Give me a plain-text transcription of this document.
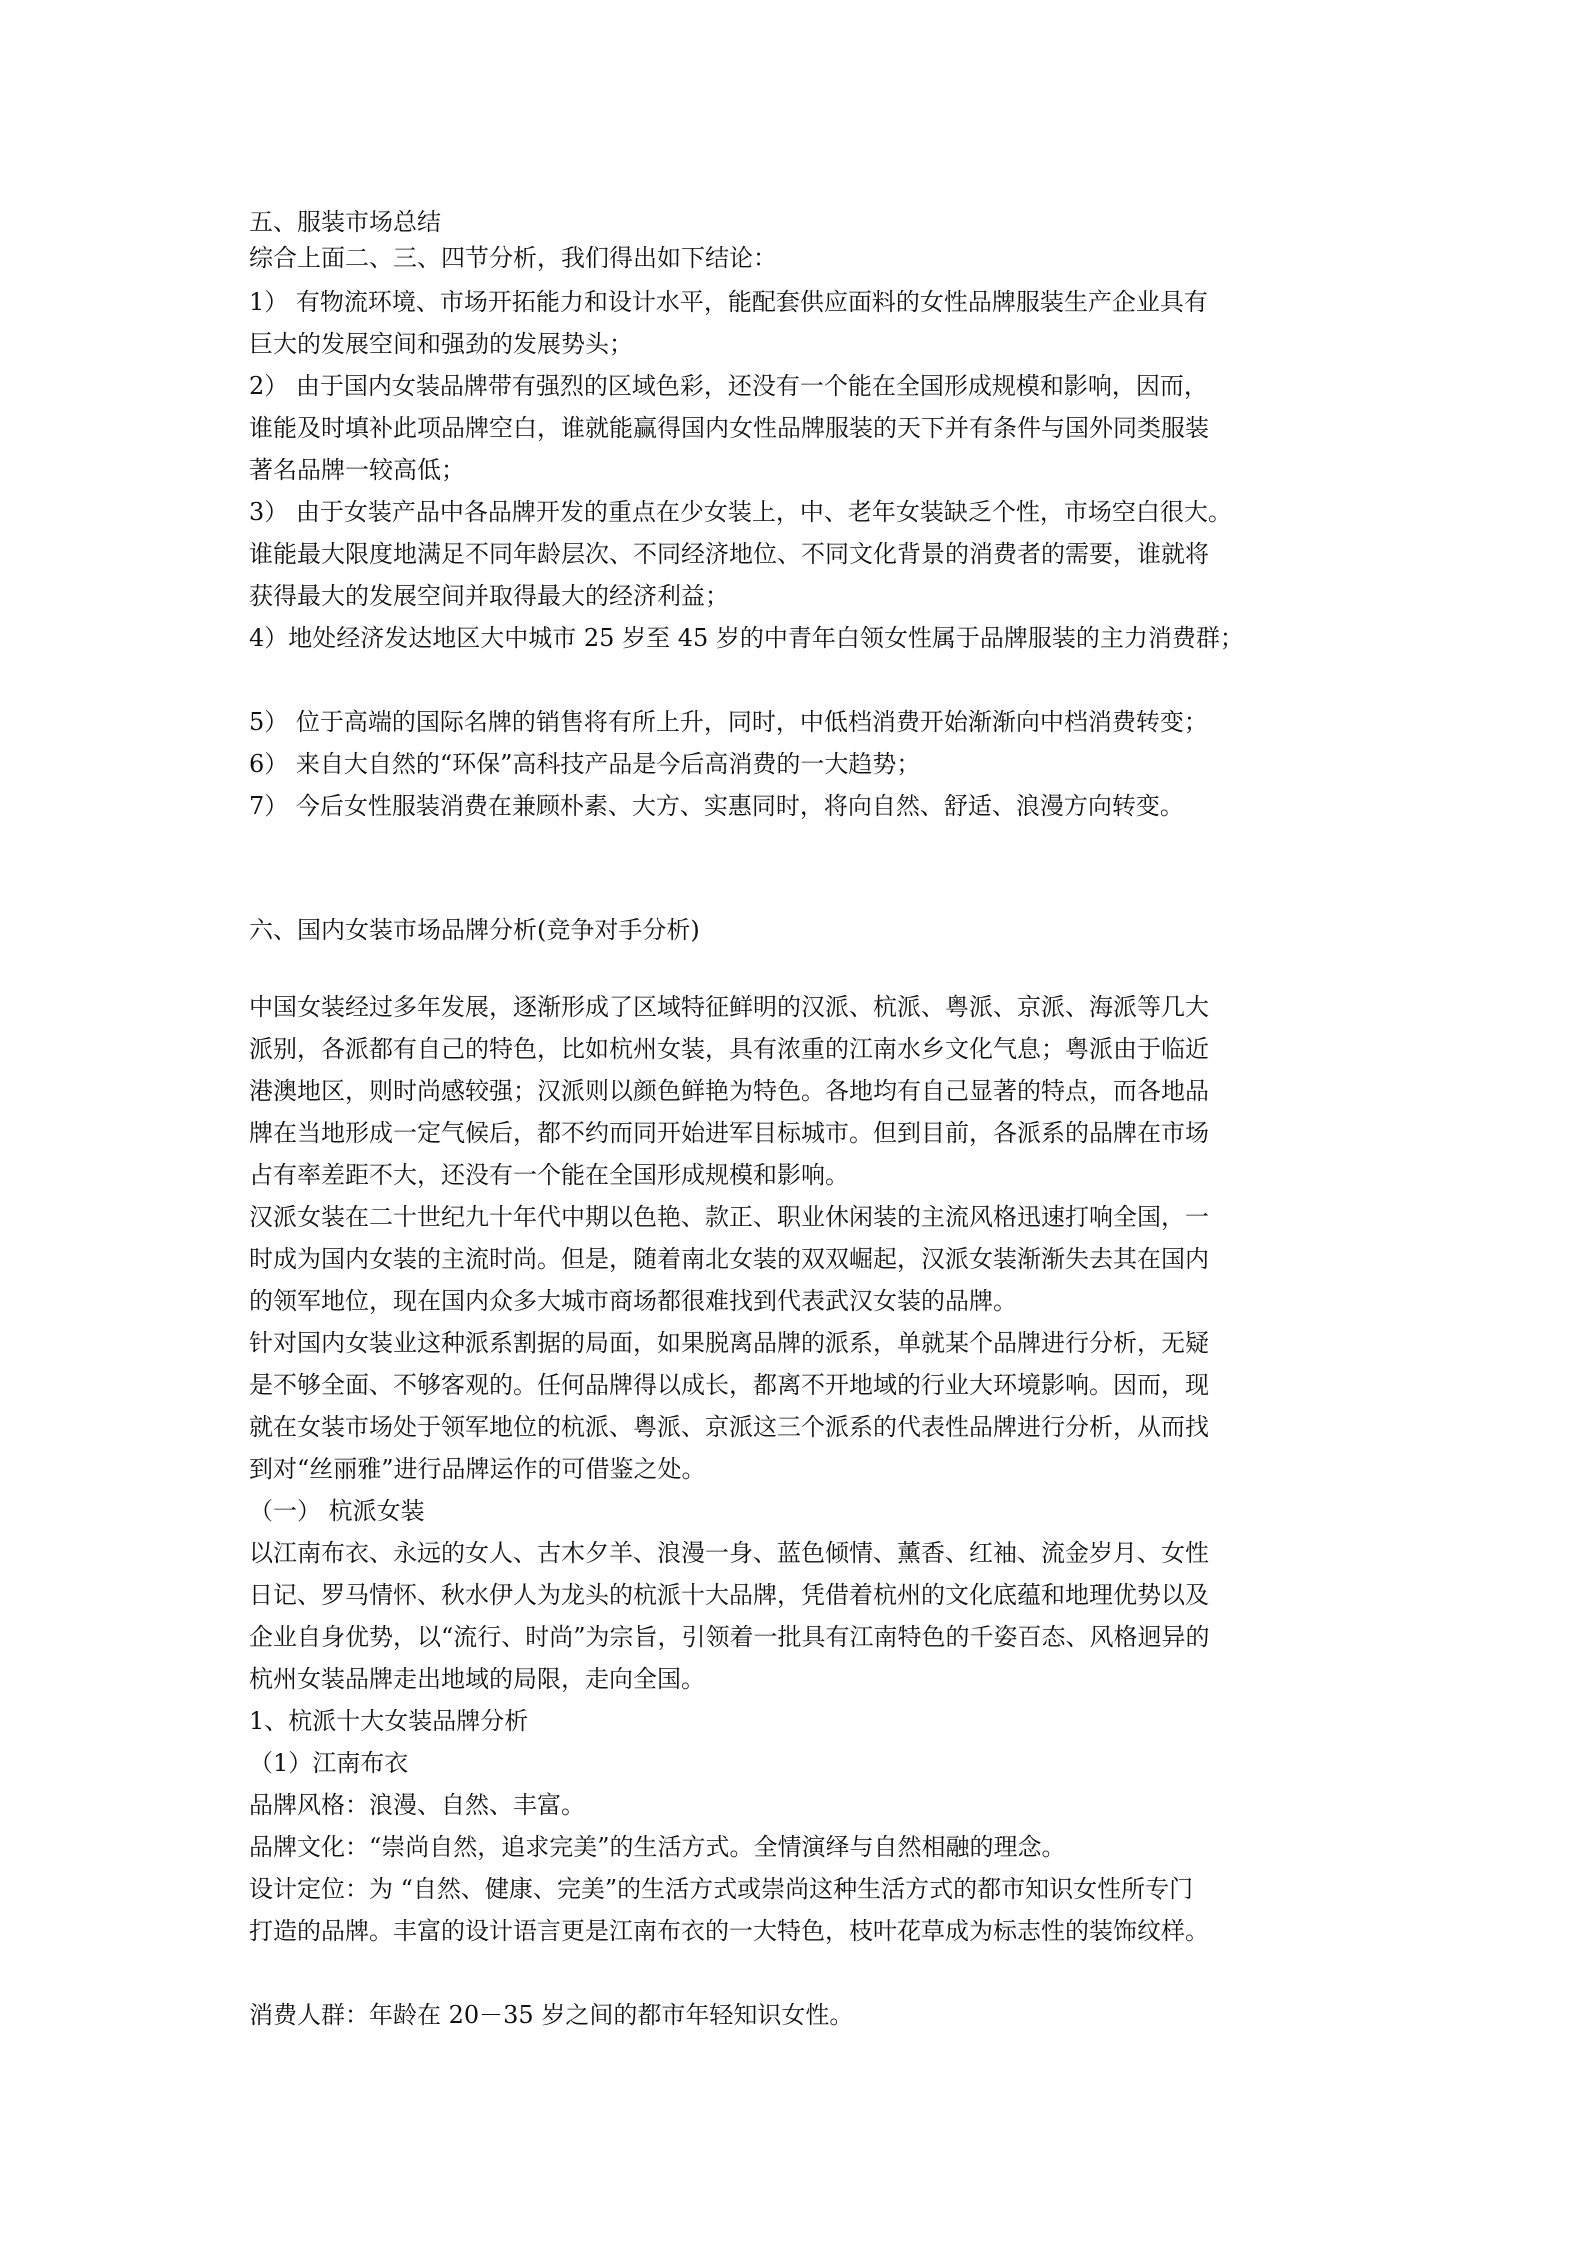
五、服装市场总结
综合上面二、三、四节分析，我们得出如下结论：
1） 有物流环境、市场开拓能力和设计水平，能配套供应面料的女性品牌服装生产企业具有
巨大的发展空间和强劲的发展势头；
2） 由于国内女装品牌带有强烈的区域色彩，还没有一个能在全国形成规模和影响，因而，
谁能及时填补此项品牌空白，谁就能赢得国内女性品牌服装的天下并有条件与国外同类服装
著名品牌一较高低；
3） 由于女装产品中各品牌开发的重点在少女装上，中、老年女装缺乏个性，市场空白很大。
谁能最大限度地满足不同年龄层次、不同经济地位、不同文化背景的消费者的需要，谁就将
获得最大的发展空间并取得最大的经济利益；
4）地处经济发达地区大中城市 25 岁至 45 岁的中青年白领女性属于品牌服装的主力消费群；
5） 位于高端的国际名牌的销售将有所上升，同时，中低档消费开始渐渐向中档消费转变；
6） 来自大自然的“环保”高科技产品是今后高消费的一大趋势；
7） 今后女性服装消费在兼顾朴素、大方、实惠同时，将向自然、舒适、浪漫方向转变。
六、国内女装市场品牌分析(竞争对手分析)
中国女装经过多年发展，逐渐形成了区域特征鲜明的汉派、杭派、粤派、京派、海派等几大
派别，各派都有自己的特色，比如杭州女装，具有浓重的江南水乡文化气息；粤派由于临近
港澳地区，则时尚感较强；汉派则以颜色鲜艳为特色。各地均有自己显著的特点，而各地品
牌在当地形成一定气候后，都不约而同开始进军目标城市。但到目前，各派系的品牌在市场
占有率差距不大，还没有一个能在全国形成规模和影响。
汉派女装在二十世纪九十年代中期以色艳、款正、职业休闲装的主流风格迅速打响全国，一
时成为国内女装的主流时尚。但是，随着南北女装的双双崛起，汉派女装渐渐失去其在国内
的领军地位，现在国内众多大城市商场都很难找到代表武汉女装的品牌。
针对国内女装业这种派系割据的局面，如果脱离品牌的派系，单就某个品牌进行分析，无疑
是不够全面、不够客观的。任何品牌得以成长，都离不开地域的行业大环境影响。因而，现
就在女装市场处于领军地位的杭派、粤派、京派这三个派系的代表性品牌进行分析，从而找
到对“丝丽雅”进行品牌运作的可借鉴之处。
（一） 杭派女装
以江南布衣、永远的女人、古木夕羊、浪漫一身、蓝色倾情、薰香、红袖、流金岁月、女性
日记、罗马情怀、秋水伊人为龙头的杭派十大品牌，凭借着杭州的文化底蕴和地理优势以及
企业自身优势，以“流行、时尚”为宗旨，引领着一批具有江南特色的千姿百态、风格迥异的
杭州女装品牌走出地域的局限，走向全国。
1、杭派十大女装品牌分析
（1）江南布衣
品牌风格：浪漫、自然、丰富。
品牌文化：“崇尚自然，追求完美”的生活方式。全情演绎与自然相融的理念。
设计定位：为 “自然、健康、完美”的生活方式或崇尚这种生活方式的都市知识女性所专门
打造的品牌。丰富的设计语言更是江南布衣的一大特色，枝叶花草成为标志性的装饰纹样。
消费人群：年龄在 20－35 岁之间的都市年轻知识女性。
